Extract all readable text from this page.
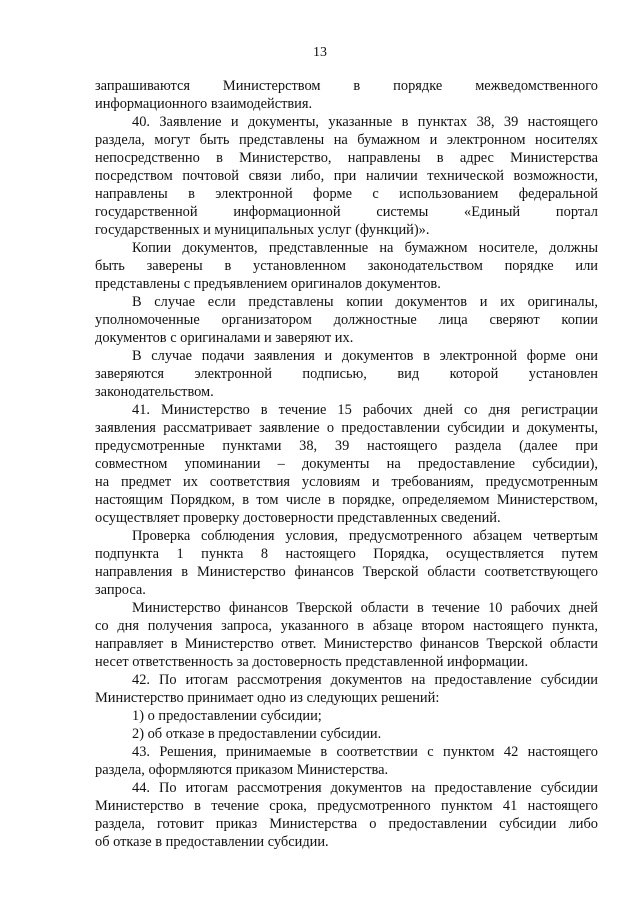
13
запрашиваются Министерством в порядке межведомственного
информационного взаимодействия.
40. Заявление и документы, указанные в пунктах 38, 39 настоящего
раздела, могут быть представлены на бумажном и электронном носителях
непосредственно в Министерство, направлены в адрес Министерства
посредством почтовой связи либо, при наличии технической возможности,
направлены в электронной форме с использованием федеральной
государственной информационной системы «Единый портал
государственных и муниципальных услуг (функций)».
Копии документов, представленные на бумажном носителе, должны
быть заверены в установленном законодательством порядке или
представлены с предъявлением оригиналов документов.
В случае если представлены копии документов и их оригиналы,
уполномоченные организатором должностные лица сверяют копии
документов с оригиналами и заверяют их.
В случае подачи заявления и документов в электронной форме они
заверяются электронной подписью, вид которой установлен
законодательством.
41. Министерство в течение 15 рабочих дней со дня регистрации
заявления рассматривает заявление о предоставлении субсидии и документы,
предусмотренные пунктами 38, 39 настоящего раздела (далее при
совместном упоминании – документы на предоставление субсидии),
на предмет их соответствия условиям и требованиям, предусмотренным
настоящим Порядком, в том числе в порядке, определяемом Министерством,
осуществляет проверку достоверности представленных сведений.
Проверка соблюдения условия, предусмотренного абзацем четвертым
подпункта 1 пункта 8 настоящего Порядка, осуществляется путем
направления в Министерство финансов Тверской области соответствующего
запроса.
Министерство финансов Тверской области в течение 10 рабочих дней
со дня получения запроса, указанного в абзаце втором настоящего пункта,
направляет в Министерство ответ. Министерство финансов Тверской области
несет ответственность за достоверность представленной информации.
42. По итогам рассмотрения документов на предоставление субсидии
Министерство принимает одно из следующих решений:
1) о предоставлении субсидии;
2) об отказе в предоставлении субсидии.
43. Решения, принимаемые в соответствии с пунктом 42 настоящего
раздела, оформляются приказом Министерства.
44. По итогам рассмотрения документов на предоставление субсидии
Министерство в течение срока, предусмотренного пунктом 41 настоящего
раздела, готовит приказ Министерства о предоставлении субсидии либо
об отказе в предоставлении субсидии.
